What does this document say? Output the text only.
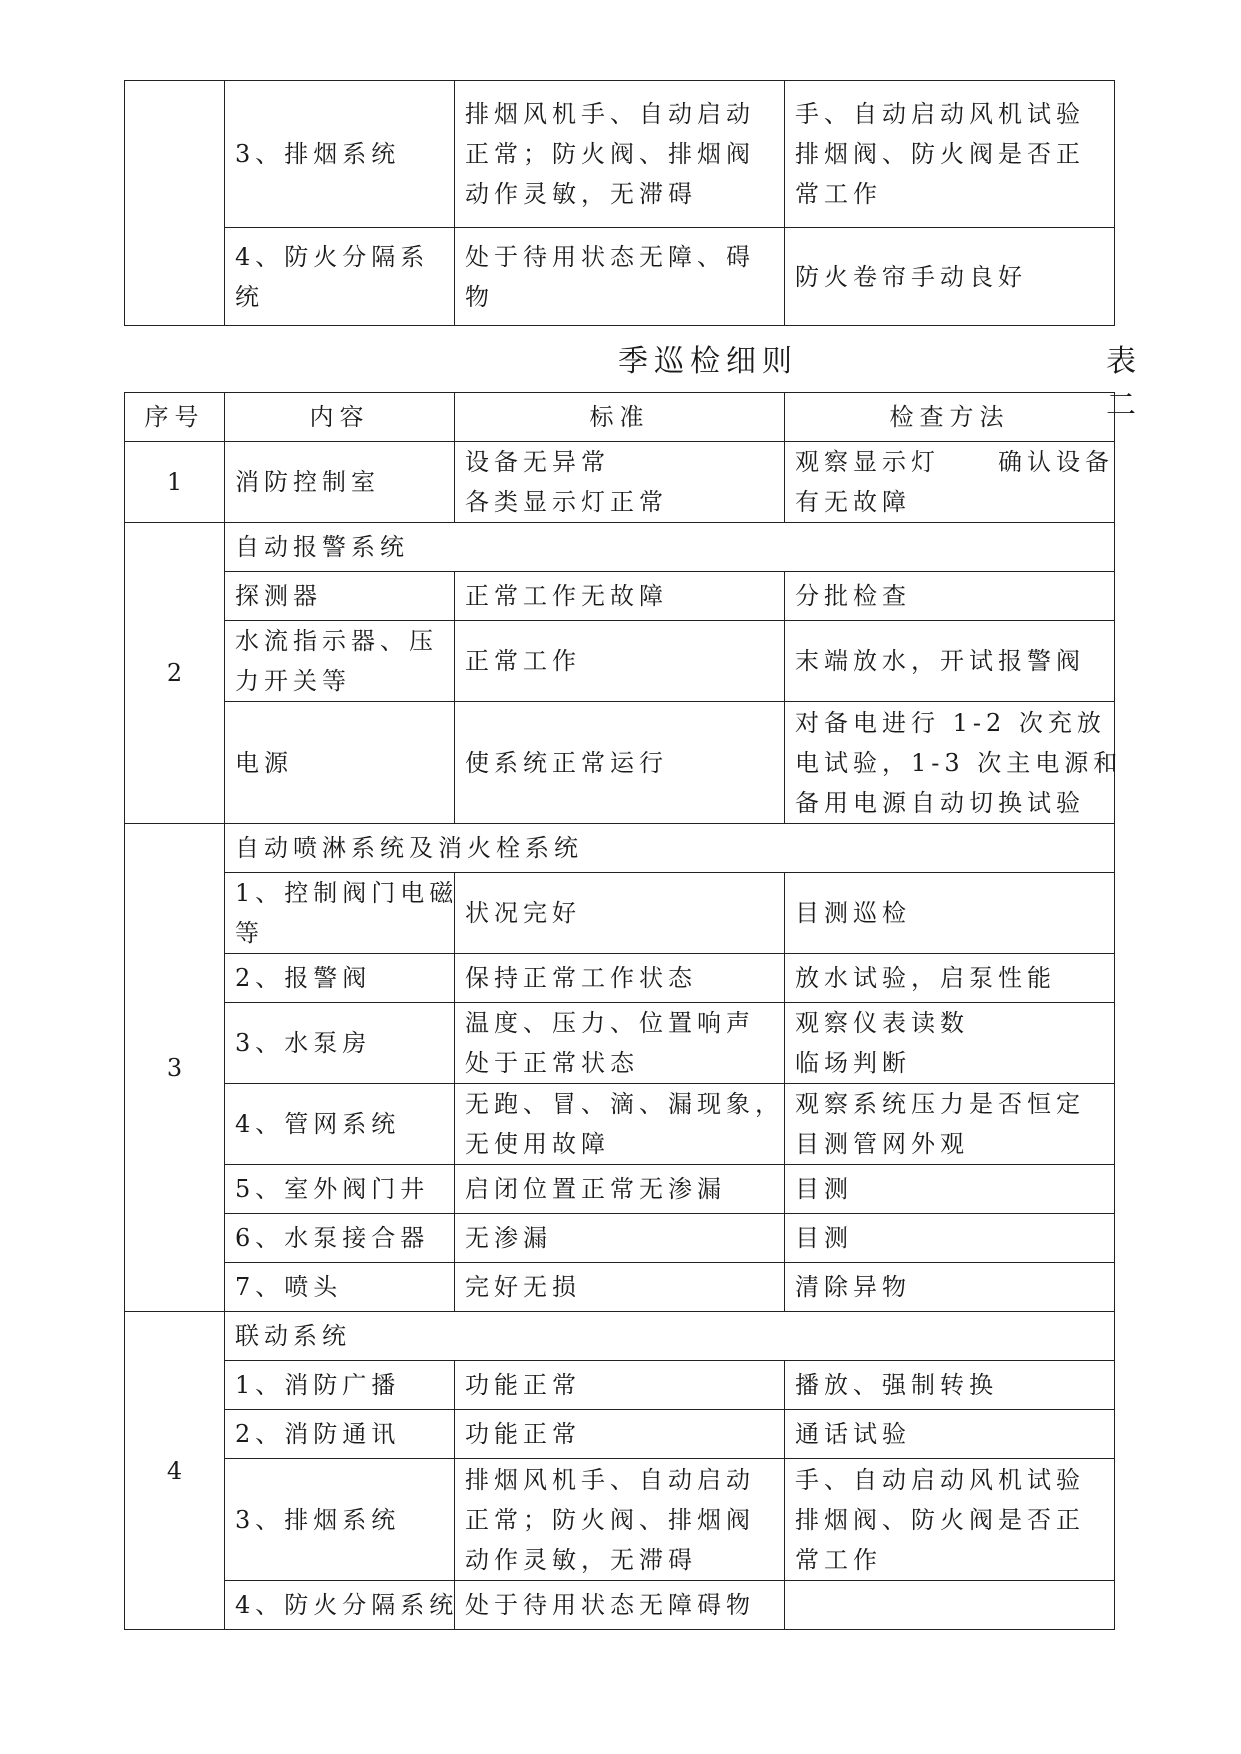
	3、排烟系统	排烟风机手、自动启动
正常；防火阀、排烟阀
动作灵敏，无滞碍	手、自动启动风机试验
排烟阀、防火阀是否正
常工作

	4、防火分隔系统	处于待用状态无障、碍
物	防火卷帘手动良好
季巡检细则	表二
序号	内容	标准	检查方法
1	消防控制室	设备无异常
各类显示灯正常	观察显示灯　　确认设备
有无故障

2	自动报警系统		

	探测器	正常工作无故障	分批检查

	水流指示器、压
力开关等	正常工作	末端放水，开试报警阀

	电源	使系统正常运行	对备电进行 1-2 次充放
电试验，1-3 次主电源和
备用电源自动切换试验

3	自动喷淋系统及消火栓系统		

	1、控制阀门电磁
等	状况完好	目测巡检

	2、报警阀	保持正常工作状态	放水试验，启泵性能

	3、水泵房	温度、压力、位置响声
处于正常状态	观察仪表读数
临场判断

	4、管网系统	无跑、冒、滴、漏现象，
无使用故障	观察系统压力是否恒定
目测管网外观

	5、室外阀门井	启闭位置正常无渗漏	目测

	6、水泵接合器	无渗漏	目测

	7、喷头	完好无损	清除异物

4	联动系统		

	1、消防广播	功能正常	播放、强制转换

	2、消防通讯	功能正常	通话试验

	3、排烟系统	排烟风机手、自动启动
正常；防火阀、排烟阀
动作灵敏，无滞碍	手、自动启动风机试验
排烟阀、防火阀是否正
常工作

	4、防火分隔系统	处于待用状态无障碍物	
